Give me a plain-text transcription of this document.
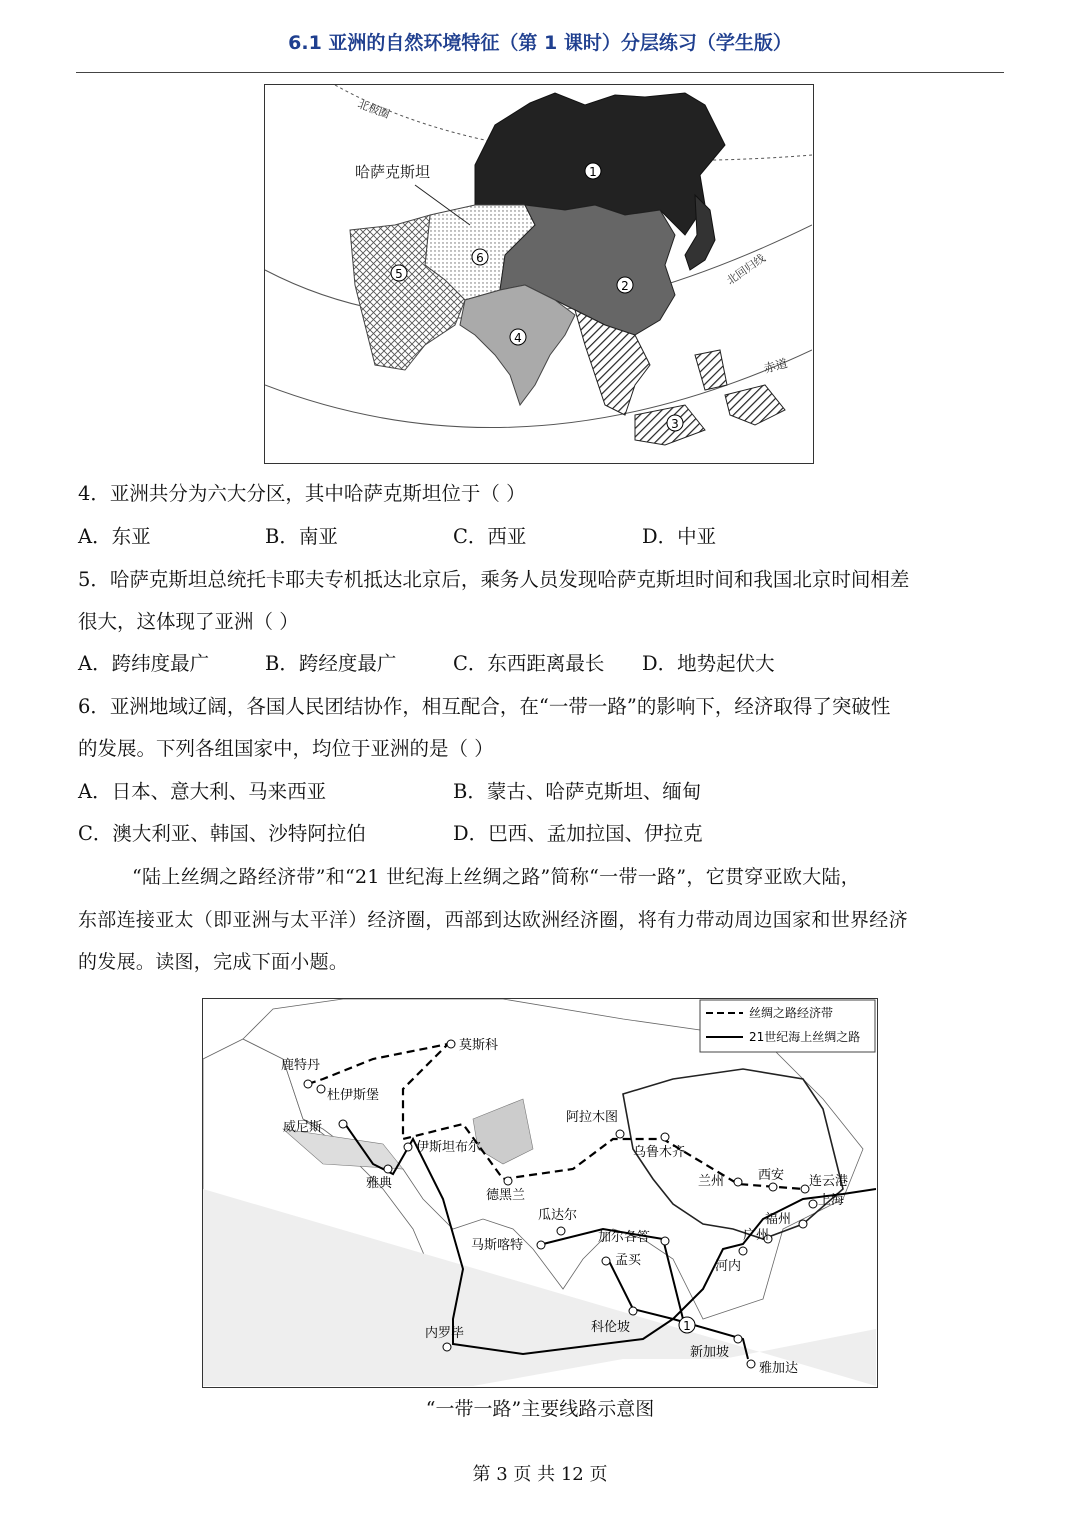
6.1 亚洲的自然环境特征（第 1 课时）分层练习（学生版）
北极圈
哈萨克斯坦
北回归线
赤道
1
2
3
4
5
6
4．亚洲共分为六大分区，其中哈萨克斯坦位于（ ）
A．东亚	B．南亚	C．西亚	D．中亚
5．哈萨克斯坦总统托卡耶夫专机抵达北京后，乘务人员发现哈萨克斯坦时间和我国北京时间相差
很大，这体现了亚洲（ ）
A．跨纬度最广	B．跨经度最广	C．东西距离最长 D．地势起伏大
6．亚洲地域辽阔，各国人民团结协作，相互配合，在“一带一路”的影响下，经济取得了突破性
的发展。下列各组国家中，均位于亚洲的是（ ）
A．日本、意大利、马来西亚	B．蒙古、哈萨克斯坦、缅甸
C．澳大利亚、韩国、沙特阿拉伯	D．巴西、孟加拉国、伊拉克
“陆上丝绸之路经济带”和“21 世纪海上丝绸之路”简称“一带一路”，它贯穿亚欧大陆，
东部连接亚太（即亚洲与太平洋）经济圈，西部到达欧洲经济圈，将有力带动周边国家和世界经济
的发展。读图，完成下面小题。
丝绸之路经济带
21世纪海上丝绸之路
莫斯科
鹿特丹
杜伊斯堡
威尼斯
伊斯坦布尔
雅典
德黑兰
阿拉木图
乌鲁木齐
兰州	西安 连云港
上海
福州
广州
河内
瓜达尔
马斯喀特
加尔各答
孟买
科伦坡
内罗毕
新加坡
雅加达
1
“一带一路”主要线路示意图
第 3 页 共 12 页
